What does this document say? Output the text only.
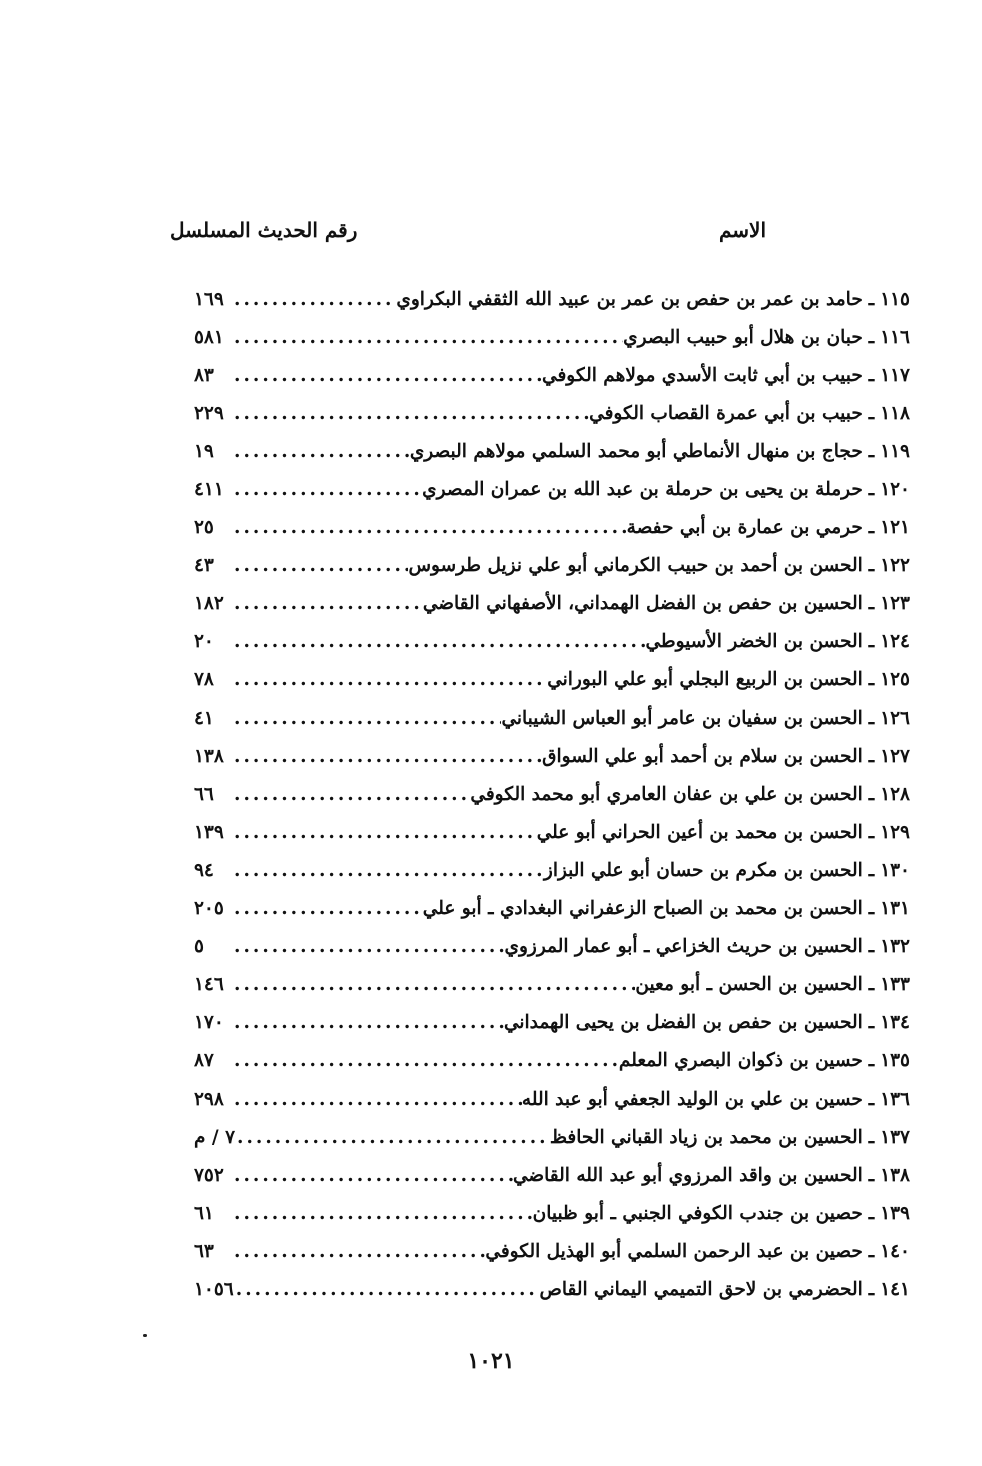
الاسم
رقم الحديث المسلسل
١١٥
ـ
حامد بن عمر بن حفص بن عمر بن عبيد الله الثقفي البكراوي
.....
١٦٩
١١٦
ـ
حبان بن هلال أبو حبيب البصري
.....
٥٨١
١١٧
ـ
حبيب بن أبي ثابت الأسدي مولاهم الكوفي
.....
٨٣
١١٨
ـ
حبيب بن أبي عمرة القصاب الكوفي
.....
٢٢٩
١١٩
ـ
حجاج بن منهال الأنماطي أبو محمد السلمي مولاهم البصري
.....
١٩
١٢٠
ـ
حرملة بن يحيى بن حرملة بن عبد الله بن عمران المصري
.....
٤١١
١٢١
ـ
حرمي بن عمارة بن أبي حفصة
.....
٢٥
١٢٢
ـ
الحسن بن أحمد بن حبيب الكرماني أبو علي نزيل طرسوس
.....
٤٣
١٢٣
ـ
الحسين بن حفص بن الفضل الهمداني، الأصفهاني القاضي
.....
١٨٢
١٢٤
ـ
الحسن بن الخضر الأسيوطي
.....
٢٠
١٢٥
ـ
الحسن بن الربيع البجلي أبو علي البوراني
.....
٧٨
١٢٦
ـ
الحسن بن سفيان بن عامر أبو العباس الشيباني
.....
٤١
١٢٧
ـ
الحسن بن سلام بن أحمد أبو علي السواق
.....
١٣٨
١٢٨
ـ
الحسن بن علي بن عفان العامري أبو محمد الكوفي
.....
٦٦
١٢٩
ـ
الحسن بن محمد بن أعين الحراني أبو علي
.....
١٣٩
١٣٠
ـ
الحسن بن مكرم بن حسان أبو علي البزاز
.....
٩٤
١٣١
ـ
الحسن بن محمد بن الصباح الزعفراني البغدادي ـ أبو علي
.....
٢٠٥
١٣٢
ـ
الحسين بن حريث الخزاعي ـ أبو عمار المرزوي
.....
٥
١٣٣
ـ
الحسين بن الحسن ـ أبو معين
.....
١٤٦
١٣٤
ـ
الحسين بن حفص بن الفضل بن يحيى الهمداني
.....
١٧٠
١٣٥
ـ
حسين بن ذكوان البصري المعلم
.....
٨٧
١٣٦
ـ
حسين بن علي بن الوليد الجعفي أبو عبد الله
.....
٢٩٨
١٣٧
ـ
الحسين بن محمد بن زياد القباني الحافظ
.....
٧ / م
١٣٨
ـ
الحسين بن واقد المرزوي أبو عبد الله القاضي
.....
٧٥٢
١٣٩
ـ
حصين بن جندب الكوفي الجنبي ـ أبو ظبيان
.....
٦١
١٤٠
ـ
حصين بن عبد الرحمن السلمي أبو الهذيل الكوفي
.....
٦٣
١٤١
ـ
الحضرمي بن لاحق التميمي اليماني القاص
.....
١٠٥٦
١٠٢١
